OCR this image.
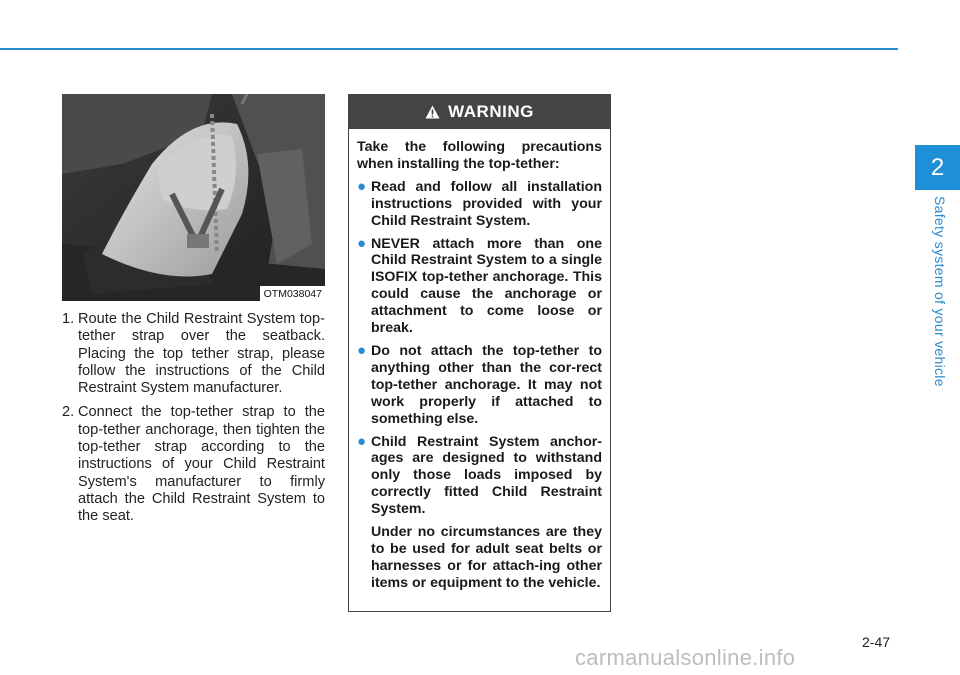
2
Safety system of your vehicle
OTM038047
1. Route the Child Restraint System top-tether strap over the seatback. Placing the top tether strap, please follow the instructions of the Child Restraint System manufacturer.
2. Connect the top-tether strap to the top-tether anchorage, then tighten the top-tether strap according to the instructions of your Child Restraint System's manufacturer to firmly attach the Child Restraint System to the seat.
WARNING

Take the following precautions when installing the top-tether:

● Read and follow all installation instructions provided with your Child Restraint System.
● NEVER attach more than one Child Restraint System to a single ISOFIX top-tether anchorage. This could cause the anchorage or attachment to come loose or break.
● Do not attach the top-tether to anything other than the cor-rect top-tether anchorage. It may not work properly if attached to something else.
● Child Restraint System anchor-ages are designed to withstand only those loads imposed by correctly fitted Child Restraint System.

Under no circumstances are they to be used for adult seat belts or harnesses or for attach-ing other items or equipment to the vehicle.

2-47
carmanualsonline.info
